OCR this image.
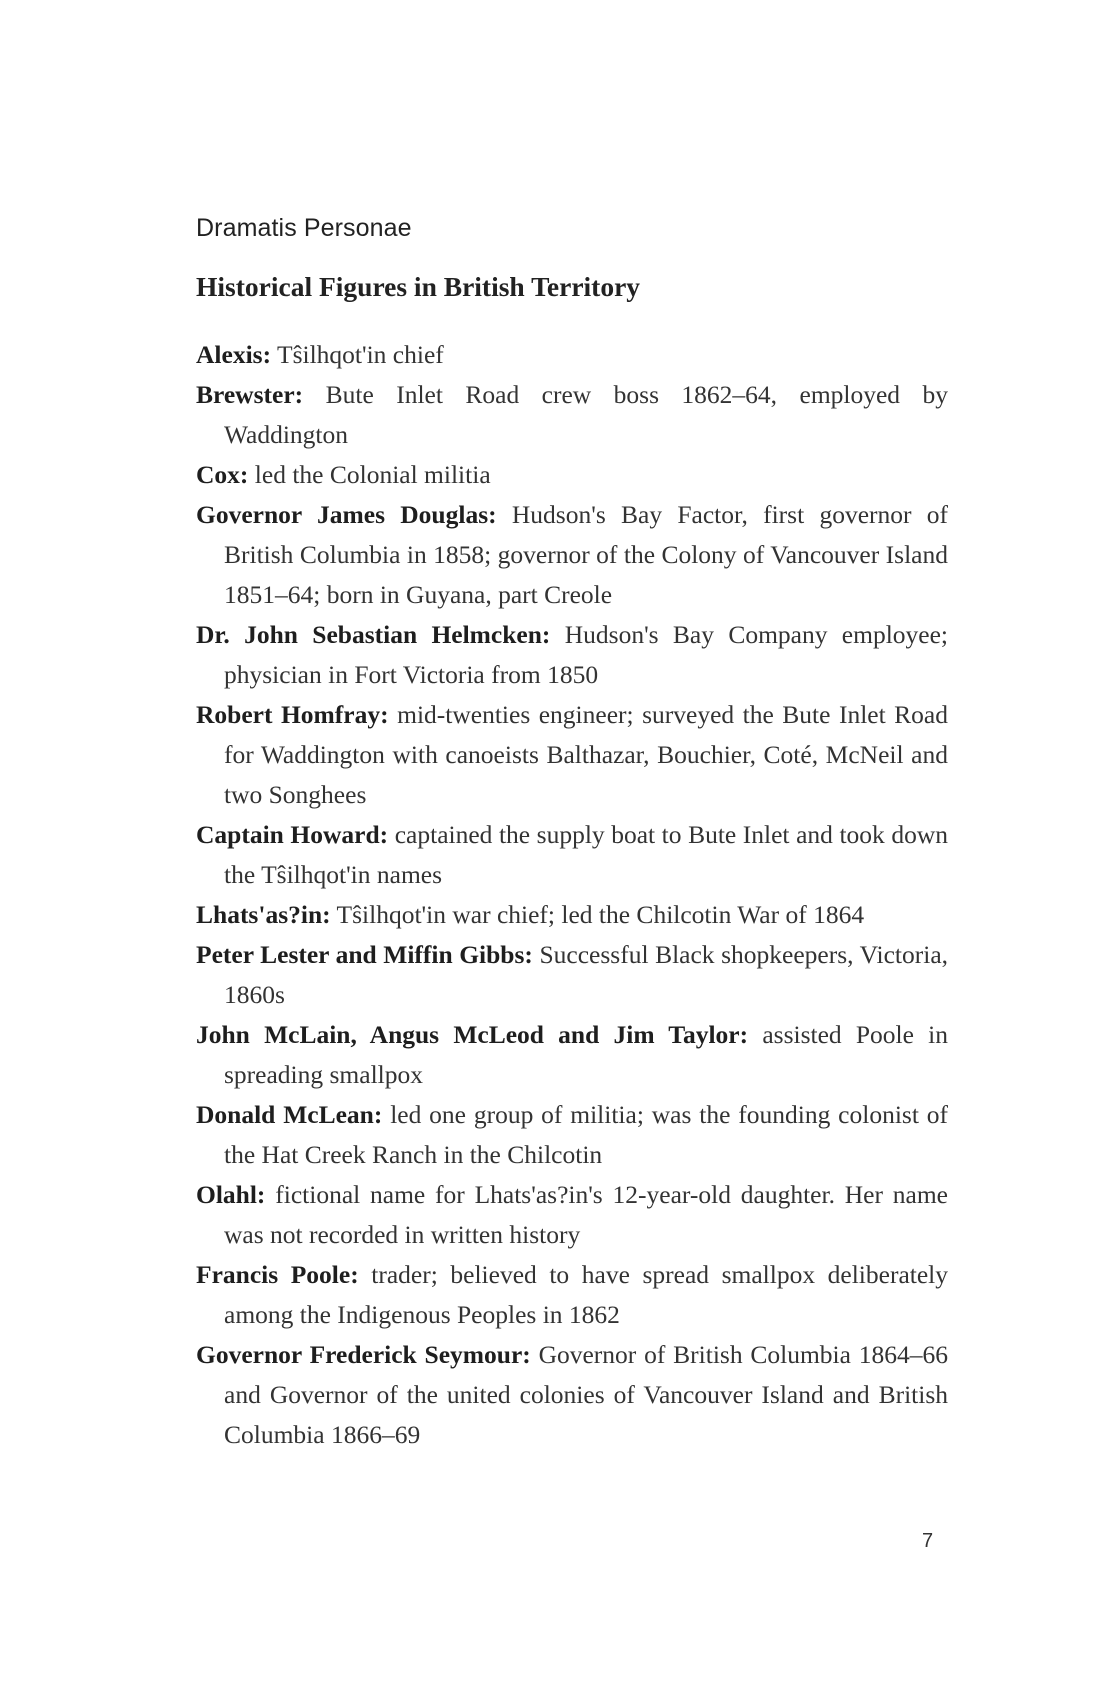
Dramatis Personae
Historical Figures in British Territory
Alexis: Tŝilhqot'in chief
Brewster: Bute Inlet Road crew boss 1862–64, employed by Waddington
Cox: led the Colonial militia
Governor James Douglas: Hudson's Bay Factor, first governor of British Columbia in 1858; governor of the Colony of Vancouver Island 1851–64; born in Guyana, part Creole
Dr. John Sebastian Helmcken: Hudson's Bay Company employee; physician in Fort Victoria from 1850
Robert Homfray: mid-twenties engineer; surveyed the Bute Inlet Road for Waddington with canoeists Balthazar, Bouchier, Coté, McNeil and two Songhees
Captain Howard: captained the supply boat to Bute Inlet and took down the Tŝilhqot'in names
Lhats'as?in: Tŝilhqot'in war chief; led the Chilcotin War of 1864
Peter Lester and Miffin Gibbs: Successful Black shopkeepers, Victoria, 1860s
John McLain, Angus McLeod and Jim Taylor: assisted Poole in spreading smallpox
Donald McLean: led one group of militia; was the founding colonist of the Hat Creek Ranch in the Chilcotin
Olahl: fictional name for Lhats'as?in's 12-year-old daughter. Her name was not recorded in written history
Francis Poole: trader; believed to have spread smallpox deliberately among the Indigenous Peoples in 1862
Governor Frederick Seymour: Governor of British Columbia 1864–66 and Governor of the united colonies of Vancouver Island and British Columbia 1866–69
7
